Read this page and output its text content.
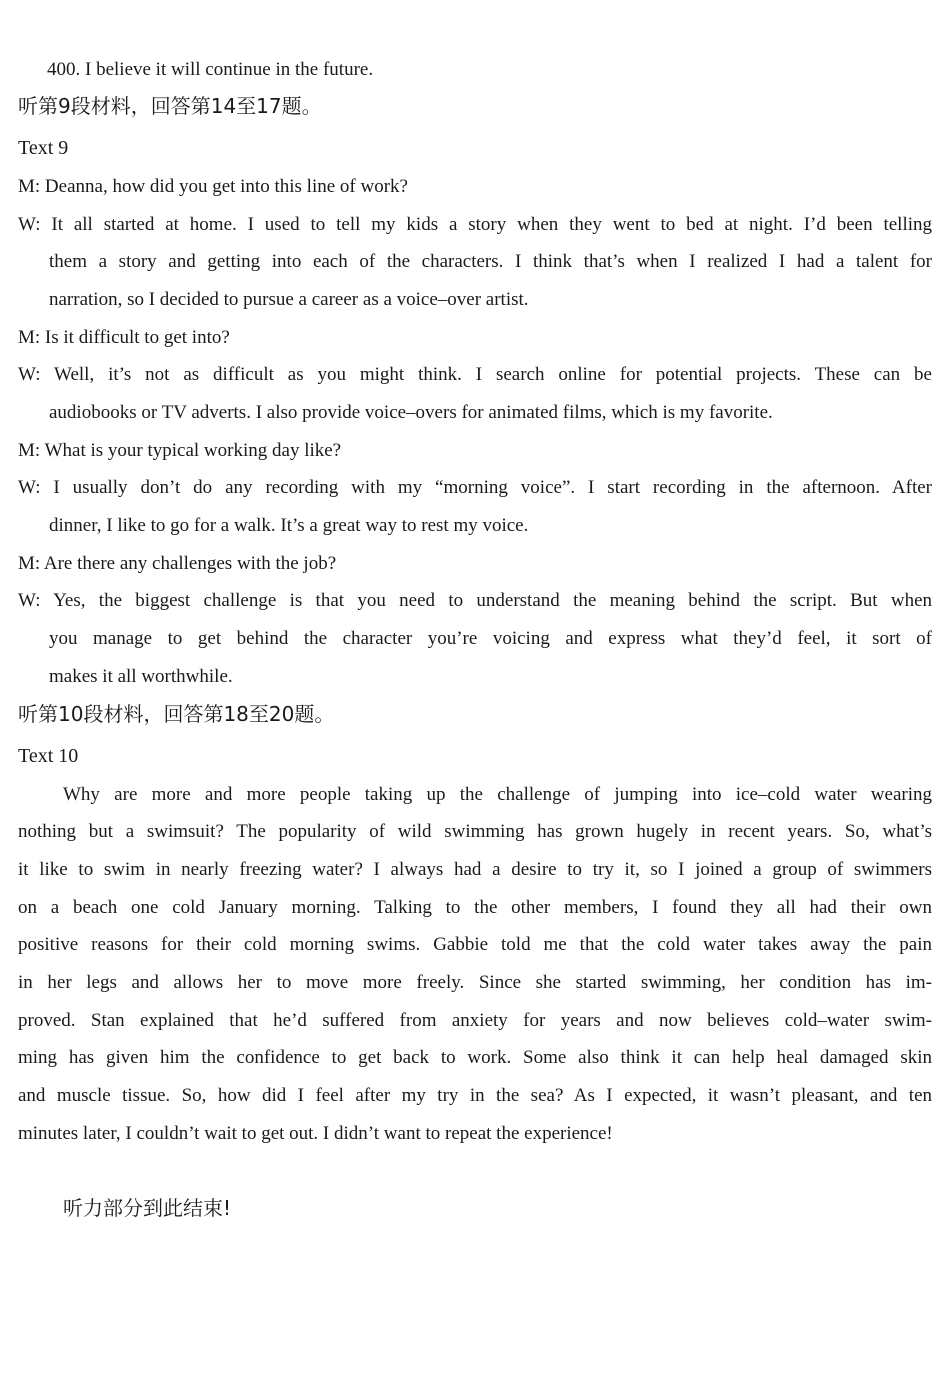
400. I believe it will continue in the future.
听第9段材料，回答第14至17题。
Text 9
M: Deanna, how did you get into this line of work?
W: It all started at home. I used to tell my kids a story when they went to bed at night. I’d been telling
them a story and getting into each of the characters. I think that’s when I realized I had a talent for
narration, so I decided to pursue a career as a voice–over artist.
M: Is it difficult to get into?
W: Well, it’s not as difficult as you might think. I search online for potential projects. These can be
audiobooks or TV adverts. I also provide voice–overs for animated films, which is my favorite.
M: What is your typical working day like?
W: I usually don’t do any recording with my “morning voice”. I start recording in the afternoon. After
dinner, I like to go for a walk. It’s a great way to rest my voice.
M: Are there any challenges with the job?
W: Yes, the biggest challenge is that you need to understand the meaning behind the script. But when
you manage to get behind the character you’re voicing and express what they’d feel, it sort of
makes it all worthwhile.
听第10段材料，回答第18至20题。
Text 10
Why are more and more people taking up the challenge of jumping into ice–cold water wearing
nothing but a swimsuit? The popularity of wild swimming has grown hugely in recent years. So, what’s
it like to swim in nearly freezing water? I always had a desire to try it, so I joined a group of swimmers
on a beach one cold January morning. Talking to the other members, I found they all had their own
positive reasons for their cold morning swims. Gabbie told me that the cold water takes away the pain
in her legs and allows her to move more freely. Since she started swimming, her condition has im-
proved. Stan explained that he’d suffered from anxiety for years and now believes cold–water swim-
ming has given him the confidence to get back to work. Some also think it can help heal damaged skin
and muscle tissue. So, how did I feel after my try in the sea? As I expected, it wasn’t pleasant, and ten
minutes later, I couldn’t wait to get out. I didn’t want to repeat the experience!
听力部分到此结束!
